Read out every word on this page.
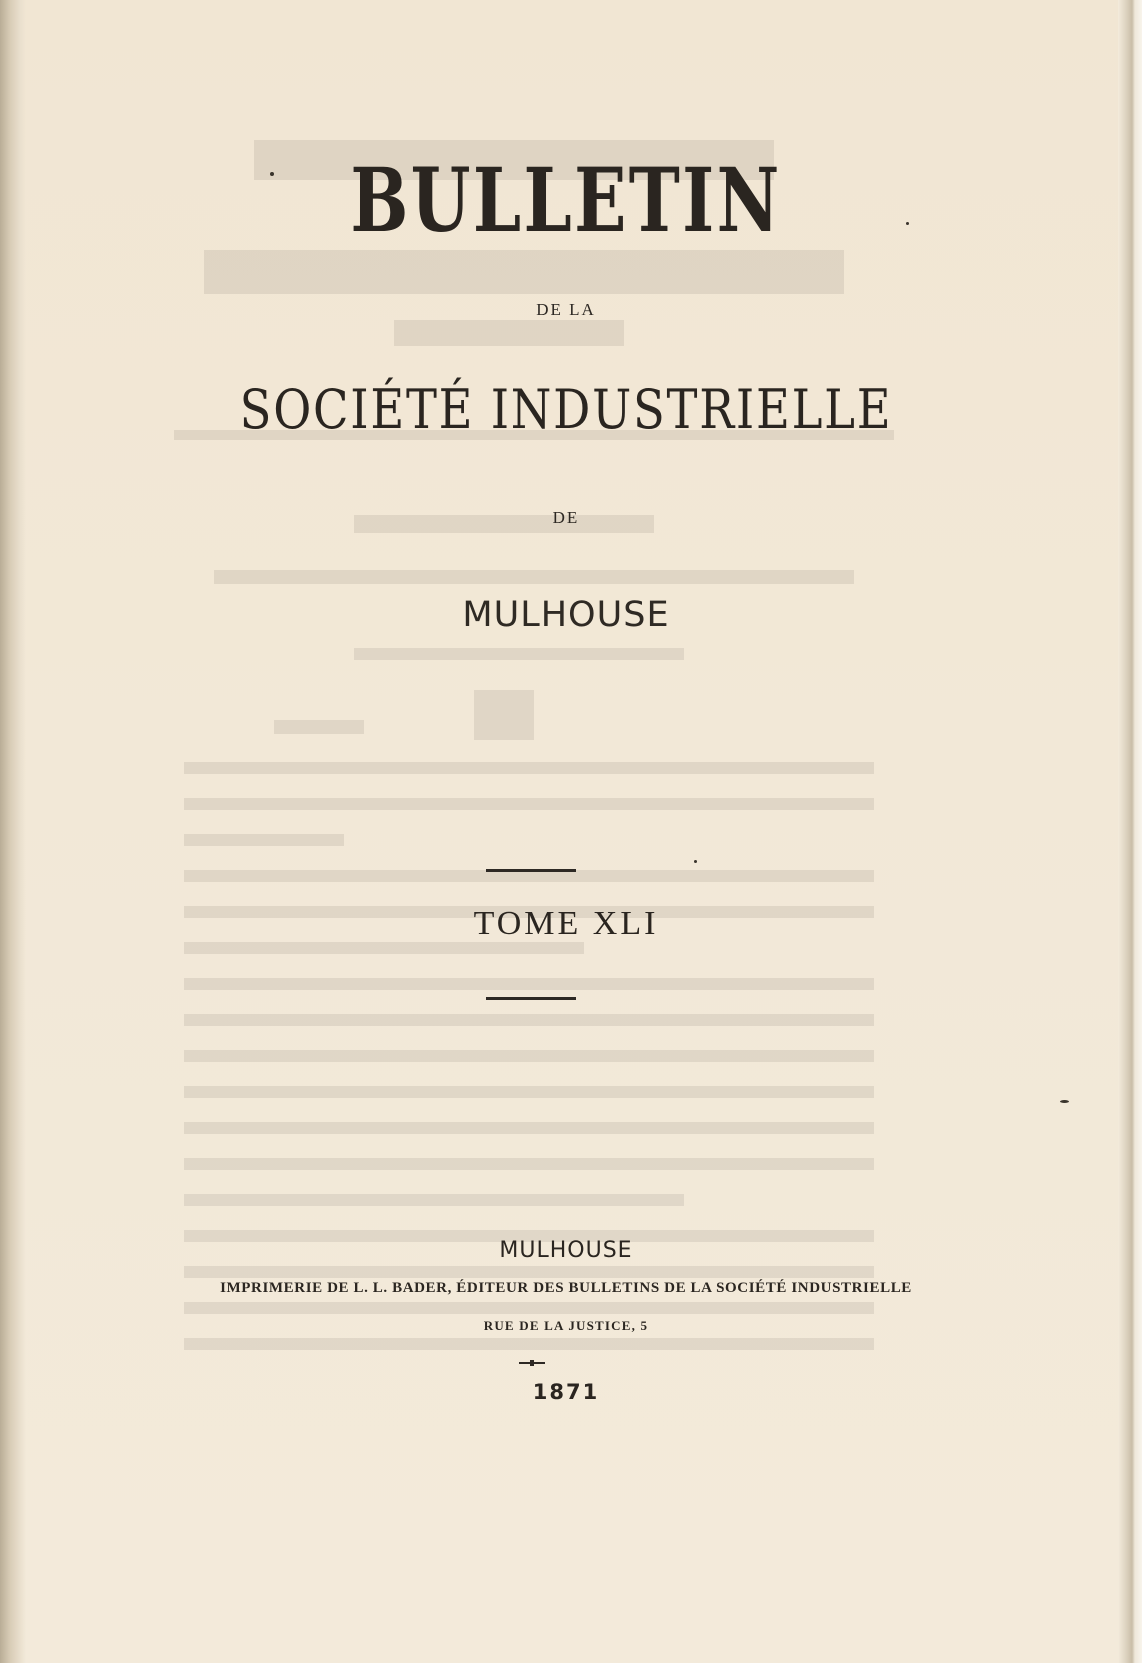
BULLETIN
DE LA
SOCIÉTÉ INDUSTRIELLE
DE
MULHOUSE
TOME XLI
MULHOUSE
IMPRIMERIE DE L. L. BADER, ÉDITEUR DES BULLETINS DE LA SOCIÉTÉ INDUSTRIELLE
RUE DE LA JUSTICE, 5
1871
